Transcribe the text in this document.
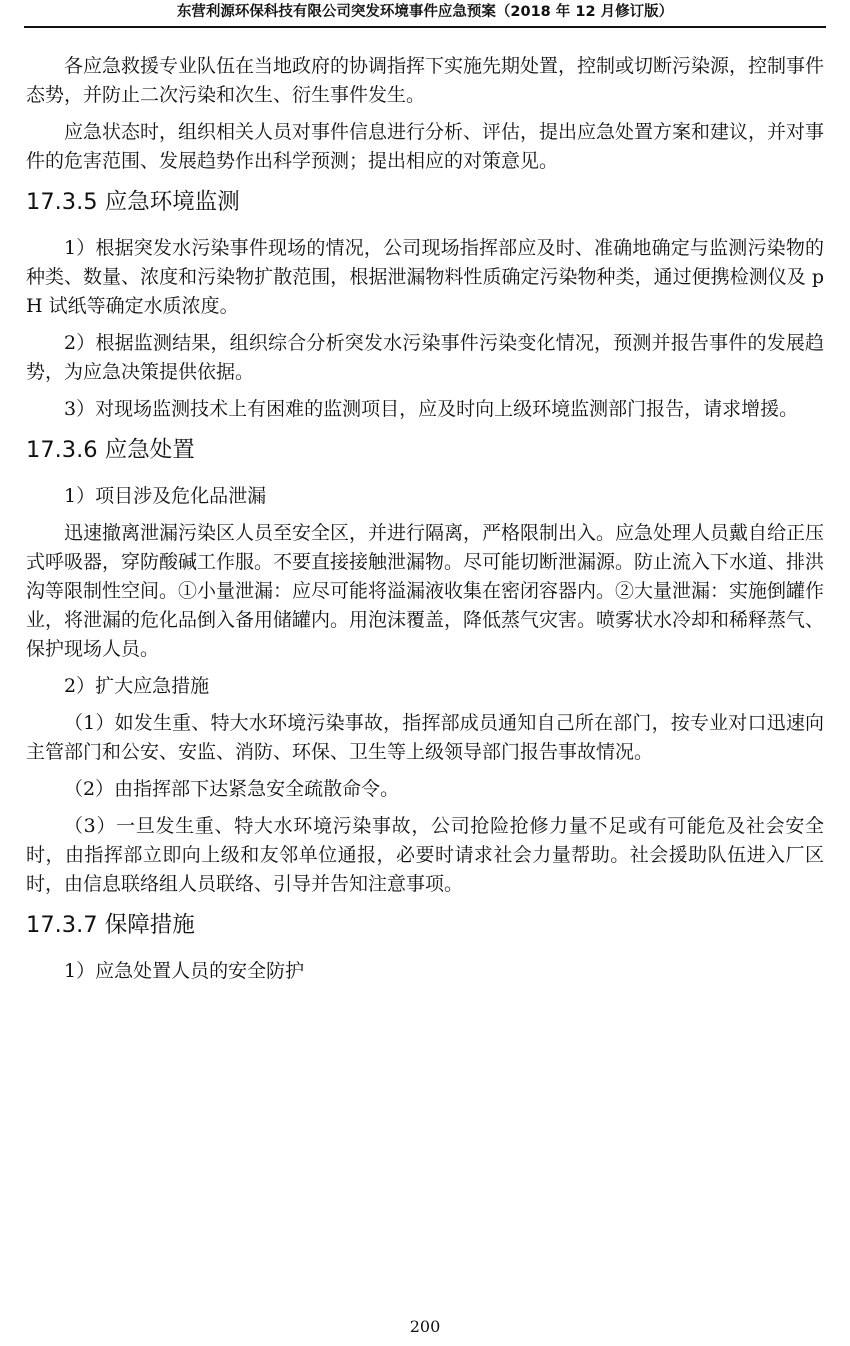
东营利源环保科技有限公司突发环境事件应急预案（2018 年 12 月修订版）

各应急救援专业队伍在当地政府的协调指挥下实施先期处置，控制或切断污染源，控制事件态势，并防止二次污染和次生、衍生事件发生。

应急状态时，组织相关人员对事件信息进行分析、评估，提出应急处置方案和建议，并对事件的危害范围、发展趋势作出科学预测；提出相应的对策意见。

17.3.5 应急环境监测

1）根据突发水污染事件现场的情况，公司现场指挥部应及时、准确地确定与监测污染物的种类、数量、浓度和污染物扩散范围，根据泄漏物料性质确定污染物种类，通过便携检测仪及 pH 试纸等确定水质浓度。

2）根据监测结果，组织综合分析突发水污染事件污染变化情况，预测并报告事件的发展趋势，为应急决策提供依据。

3）对现场监测技术上有困难的监测项目，应及时向上级环境监测部门报告，请求增援。

17.3.6 应急处置

1）项目涉及危化品泄漏

迅速撤离泄漏污染区人员至安全区，并进行隔离，严格限制出入。应急处理人员戴自给正压式呼吸器，穿防酸碱工作服。不要直接接触泄漏物。尽可能切断泄漏源。防止流入下水道、排洪沟等限制性空间。①小量泄漏：应尽可能将溢漏液收集在密闭容器内。②大量泄漏：实施倒罐作业，将泄漏的危化品倒入备用储罐内。用泡沫覆盖，降低蒸气灾害。喷雾状水冷却和稀释蒸气、保护现场人员。

2）扩大应急措施

（1）如发生重、特大水环境污染事故，指挥部成员通知自己所在部门，按专业对口迅速向主管部门和公安、安监、消防、环保、卫生等上级领导部门报告事故情况。

（2）由指挥部下达紧急安全疏散命令。

（3）一旦发生重、特大水环境污染事故，公司抢险抢修力量不足或有可能危及社会安全时，由指挥部立即向上级和友邻单位通报，必要时请求社会力量帮助。社会援助队伍进入厂区时，由信息联络组人员联络、引导并告知注意事项。

17.3.7 保障措施

1）应急处置人员的安全防护

200
